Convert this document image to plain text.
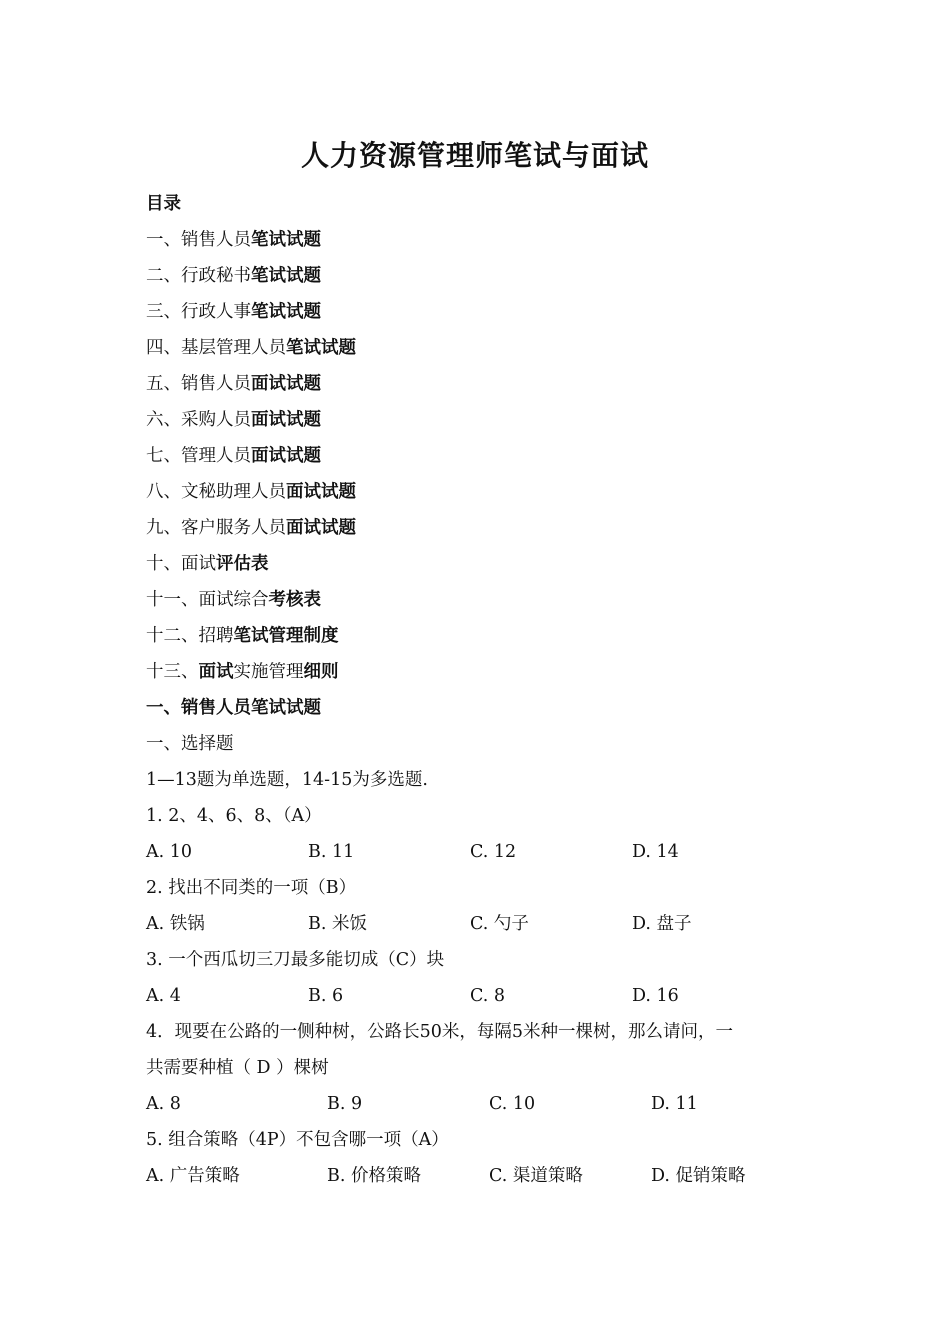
人力资源管理师笔试与面试
目录
一、销售人员笔试试题
二、行政秘书笔试试题
三、行政人事笔试试题
四、基层管理人员笔试试题
五、销售人员面试试题
六、采购人员面试试题
七、管理人员面试试题
八、文秘助理人员面试试题
九、客户服务人员面试试题
十、面试评估表
十一、面试综合考核表
十二、招聘笔试管理制度
十三、面试实施管理细则
一、销售人员笔试试题
一、选择题
1—13题为单选题，14-15为多选题.
1. 2、4、6、8、（A）
A. 10	B. 11	C. 12	D. 14
2. 找出不同类的一项（B）
A. 铁锅	B. 米饭	C. 勺子	D. 盘子
3. 一个西瓜切三刀最多能切成（C）块
A. 4	B. 6	C. 8	D. 16
4．现要在公路的一侧种树，公路长50米，每隔5米种一棵树，那么请问，一
共需要种植（ D ）棵树
A. 8	B. 9	C. 10	D. 11
5. 组合策略（4P）不包含哪一项（A）
A. 广告策略	B. 价格策略	C. 渠道策略	D. 促销策略
